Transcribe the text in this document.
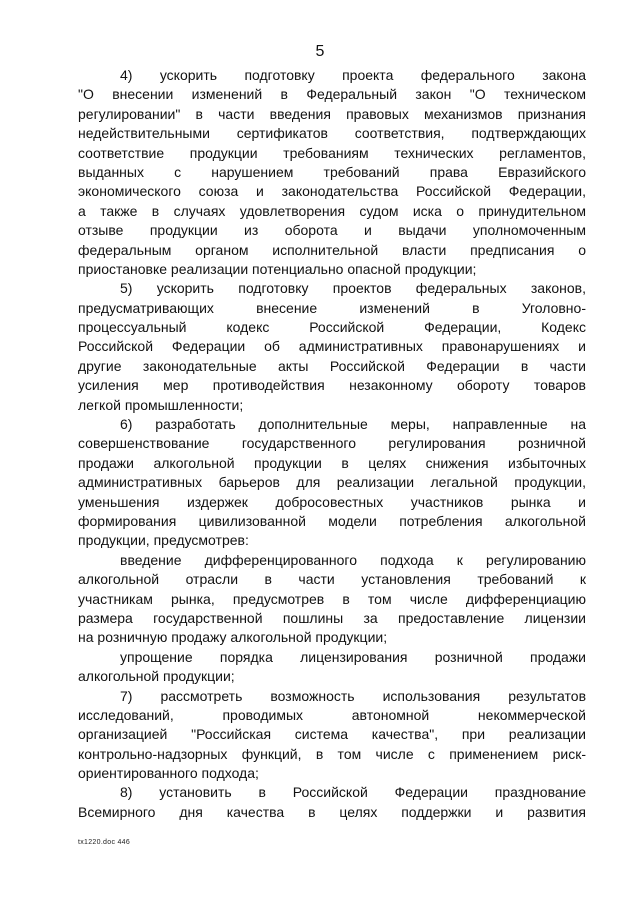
5
4) ускорить подготовку проекта федерального закона
"О внесении изменений в Федеральный закон "О техническом
регулировании" в части введения правовых механизмов признания
недействительными сертификатов соответствия, подтверждающих
соответствие продукции требованиям технических регламентов,
выданных с нарушением требований права Евразийского
экономического союза и законодательства Российской Федерации,
а также в случаях удовлетворения судом иска о принудительном
отзыве продукции из оборота и выдачи уполномоченным
федеральным органом исполнительной власти предписания о
приостановке реализации потенциально опасной продукции;
5) ускорить подготовку проектов федеральных законов,
предусматривающих внесение изменений в Уголовно-
процессуальный кодекс Российской Федерации, Кодекс
Российской Федерации об административных правонарушениях и
другие законодательные акты Российской Федерации в части
усиления мер противодействия незаконному обороту товаров
легкой промышленности;
6) разработать дополнительные меры, направленные на
совершенствование государственного регулирования розничной
продажи алкогольной продукции в целях снижения избыточных
административных барьеров для реализации легальной продукции,
уменьшения издержек добросовестных участников рынка и
формирования цивилизованной модели потребления алкогольной
продукции, предусмотрев:
введение дифференцированного подхода к регулированию
алкогольной отрасли в части установления требований к
участникам рынка, предусмотрев в том числе дифференциацию
размера государственной пошлины за предоставление лицензии
на розничную продажу алкогольной продукции;
упрощение порядка лицензирования розничной продажи
алкогольной продукции;
7) рассмотреть возможность использования результатов
исследований, проводимых автономной некоммерческой
организацией "Российская система качества", при реализации
контрольно-надзорных функций, в том числе с применением риск-
ориентированного подхода;
8) установить в Российской Федерации празднование
Всемирного дня качества в целях поддержки и развития
tx1220.doc 446
